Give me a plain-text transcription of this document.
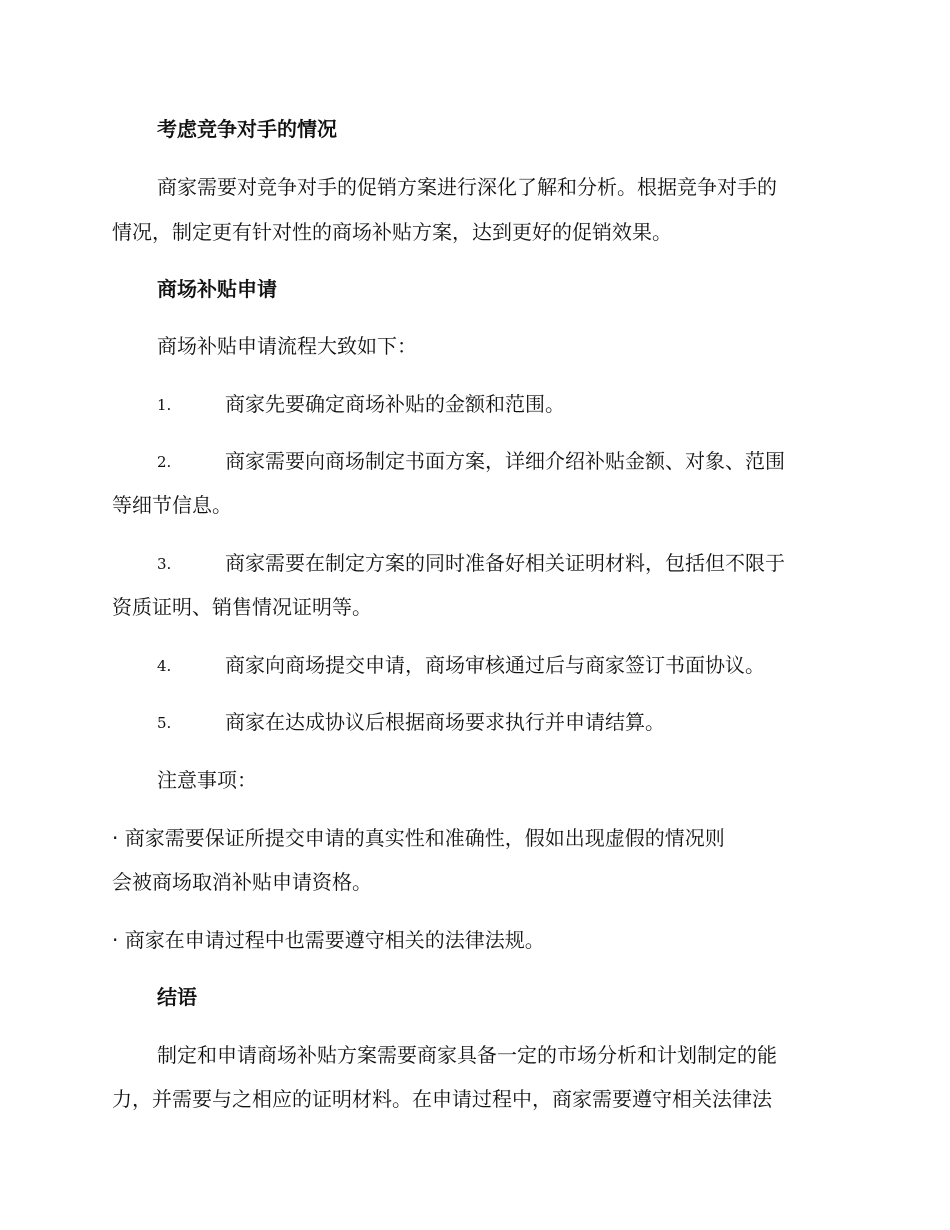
考虑竞争对手的情况
商家需要对竞争对手的促销方案进行深化了解和分析。根据竞争对手的
情况，制定更有针对性的商场补贴方案，达到更好的促销效果。
商场补贴申请
商场补贴申请流程大致如下：
1.	商家先要确定商场补贴的金额和范围。
2.	商家需要向商场制定书面方案，详细介绍补贴金额、对象、范围
等细节信息。
3.	商家需要在制定方案的同时准备好相关证明材料，包括但不限于
资质证明、销售情况证明等。
4.	商家向商场提交申请，商场审核通过后与商家签订书面协议。
5.	商家在达成协议后根据商场要求执行并申请结算。
注意事项：
· 商家需要保证所提交申请的真实性和准确性，假如出现虚假的情况则
会被商场取消补贴申请资格。
· 商家在申请过程中也需要遵守相关的法律法规。
结语
制定和申请商场补贴方案需要商家具备一定的市场分析和计划制定的能
力，并需要与之相应的证明材料。在申请过程中，商家需要遵守相关法律法
